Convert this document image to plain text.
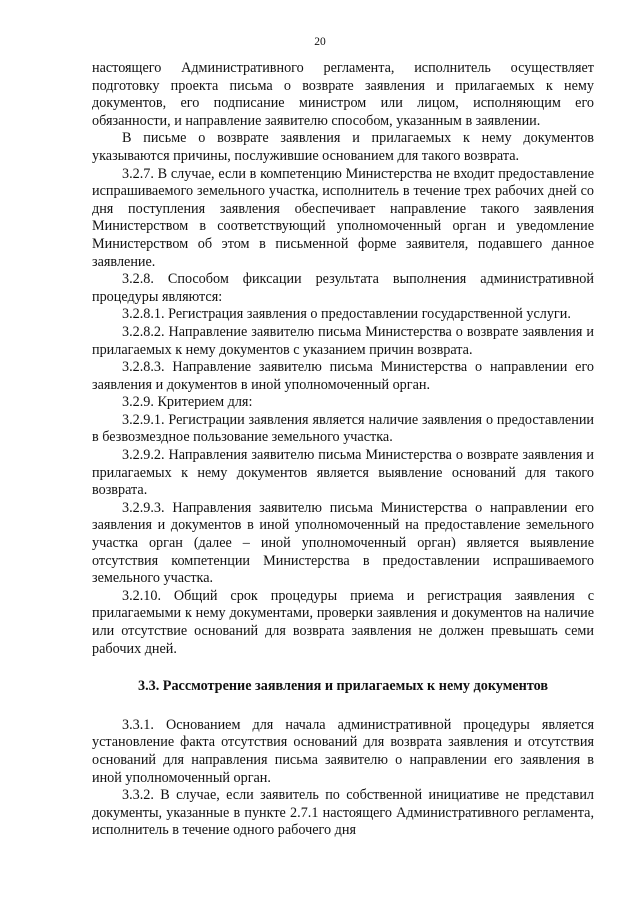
20

настоящего Административного регламента, исполнитель осуществляет подготовку проекта письма о возврате заявления и прилагаемых к нему документов, его подписание министром или лицом, исполняющим его обязанности, и направление заявителю способом, указанным в заявлении.

В письме о возврате заявления и прилагаемых к нему документов указываются причины, послужившие основанием для такого возврата.

3.2.7. В случае, если в компетенцию Министерства не входит предоставление испрашиваемого земельного участка, исполнитель в течение трех рабочих дней со дня поступления заявления обеспечивает направление такого заявления Министерством в соответствующий уполномоченный орган и уведомление Министерством об этом в письменной форме заявителя, подавшего данное заявление.

3.2.8. Способом фиксации результата выполнения административной процедуры являются:

3.2.8.1. Регистрация заявления о предоставлении государственной услуги.

3.2.8.2. Направление заявителю письма Министерства о возврате заявления и прилагаемых к нему документов с указанием причин возврата.

3.2.8.3. Направление заявителю письма Министерства о направлении его заявления и документов в иной уполномоченный орган.

3.2.9. Критерием для:

3.2.9.1. Регистрации заявления является наличие заявления о предоставлении в безвозмездное пользование земельного участка.

3.2.9.2. Направления заявителю письма Министерства о возврате заявления и прилагаемых к нему документов является выявление оснований для такого возврата.

3.2.9.3. Направления заявителю письма Министерства о направлении его заявления и документов в иной уполномоченный на предоставление земельного участка орган (далее – иной уполномоченный орган) является выявление отсутствия компетенции Министерства в предоставлении испрашиваемого земельного участка.

3.2.10. Общий срок процедуры приема и регистрация заявления с прилагаемыми к нему документами, проверки заявления и документов на наличие или отсутствие оснований для возврата заявления не должен превышать семи рабочих дней.

3.3. Рассмотрение заявления и прилагаемых к нему документов

3.3.1. Основанием для начала административной процедуры является установление факта отсутствия оснований для возврата заявления и отсутствия оснований для направления письма заявителю о направлении его заявления в иной уполномоченный орган.

3.3.2. В случае, если заявитель по собственной инициативе не представил документы, указанные в пункте 2.7.1 настоящего Административного регламента, исполнитель в течение одного рабочего дня
